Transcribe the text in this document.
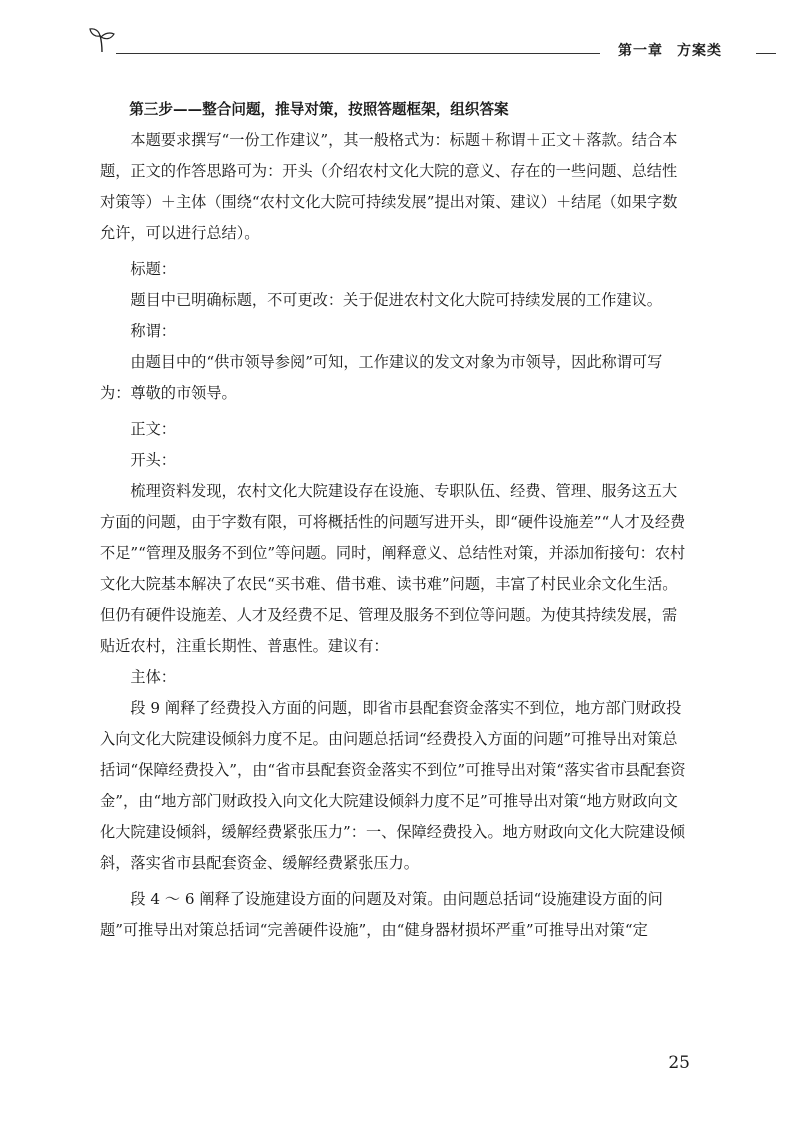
第一章 方案类

第三步——整合问题，推导对策，按照答题框架，组织答案

本题要求撰写“一份工作建议”，其一般格式为：标题＋称谓＋正文＋落款。结合本题，正文的作答思路可为：开头（介绍农村文化大院的意义、存在的一些问题、总结性对策等）＋主体（围绕“农村文化大院可持续发展”提出对策、建议）＋结尾（如果字数允许，可以进行总结）。

标题：

题目中已明确标题，不可更改：关于促进农村文化大院可持续发展的工作建议。

称谓：

由题目中的“供市领导参阅”可知，工作建议的发文对象为市领导，因此称谓可写为：尊敬的市领导。

正文：

开头：

梳理资料发现，农村文化大院建设存在设施、专职队伍、经费、管理、服务这五大方面的问题，由于字数有限，可将概括性的问题写进开头，即“硬件设施差”“人才及经费不足”“管理及服务不到位”等问题。同时，阐释意义、总结性对策，并添加衔接句：农村文化大院基本解决了农民“买书难、借书难、读书难”问题，丰富了村民业余文化生活。但仍有硬件设施差、人才及经费不足、管理及服务不到位等问题。为使其持续发展，需贴近农村，注重长期性、普惠性。建议有：

主体：

段 9 阐释了经费投入方面的问题，即省市县配套资金落实不到位，地方部门财政投入向文化大院建设倾斜力度不足。由问题总括词“经费投入方面的问题”可推导出对策总括词“保障经费投入”，由“省市县配套资金落实不到位”可推导出对策“落实省市县配套资金”，由“地方部门财政投入向文化大院建设倾斜力度不足”可推导出对策“地方财政向文化大院建设倾斜，缓解经费紧张压力”：一、保障经费投入。地方财政向文化大院建设倾斜，落实省市县配套资金、缓解经费紧张压力。

段 4 ～ 6 阐释了设施建设方面的问题及对策。由问题总括词“设施建设方面的问题”可推导出对策总括词“完善硬件设施”，由“健身器材损坏严重”可推导出对策“定

25
